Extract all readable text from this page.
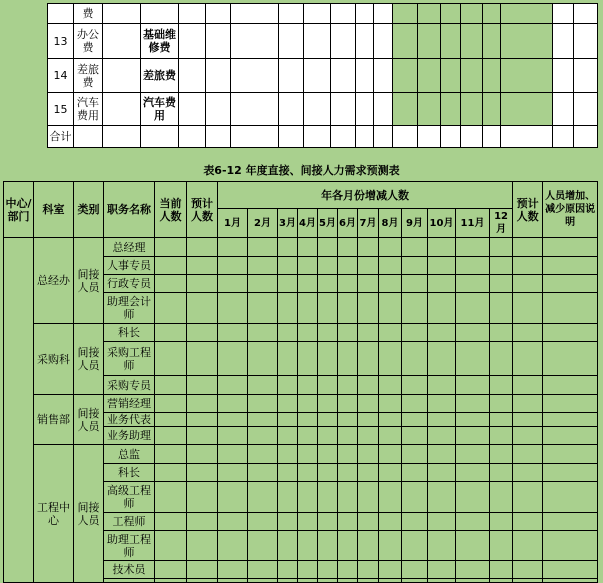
	费																		
13	办公费		基础维修费																
14	差旅费		差旅费																
15	汽车费用		汽车费用																
合计																			
表6-12 年度直接、间接人力需求预测表
中心/部门	科室	类别	职务名称	当前人数	预计人数	年各月份增减人数												预计人数	人员增加、减少原因说明
						1月	2月	3月	4月	5月	6月	7月	8月	9月	10月	11月	12月		
	总经办	间接人员	总经理																
			人事专员																
			行政专员																
			助理会计师																
	采购科	间接人员	科长																
			采购工程师																
			采购专员																
	销售部	间接人员	营销经理																
			业务代表																
			业务助理																
	工程中心	间接人员	总监																
			科长																
			高级工程师																
			工程师																
			助理工程师																
			技术员																
